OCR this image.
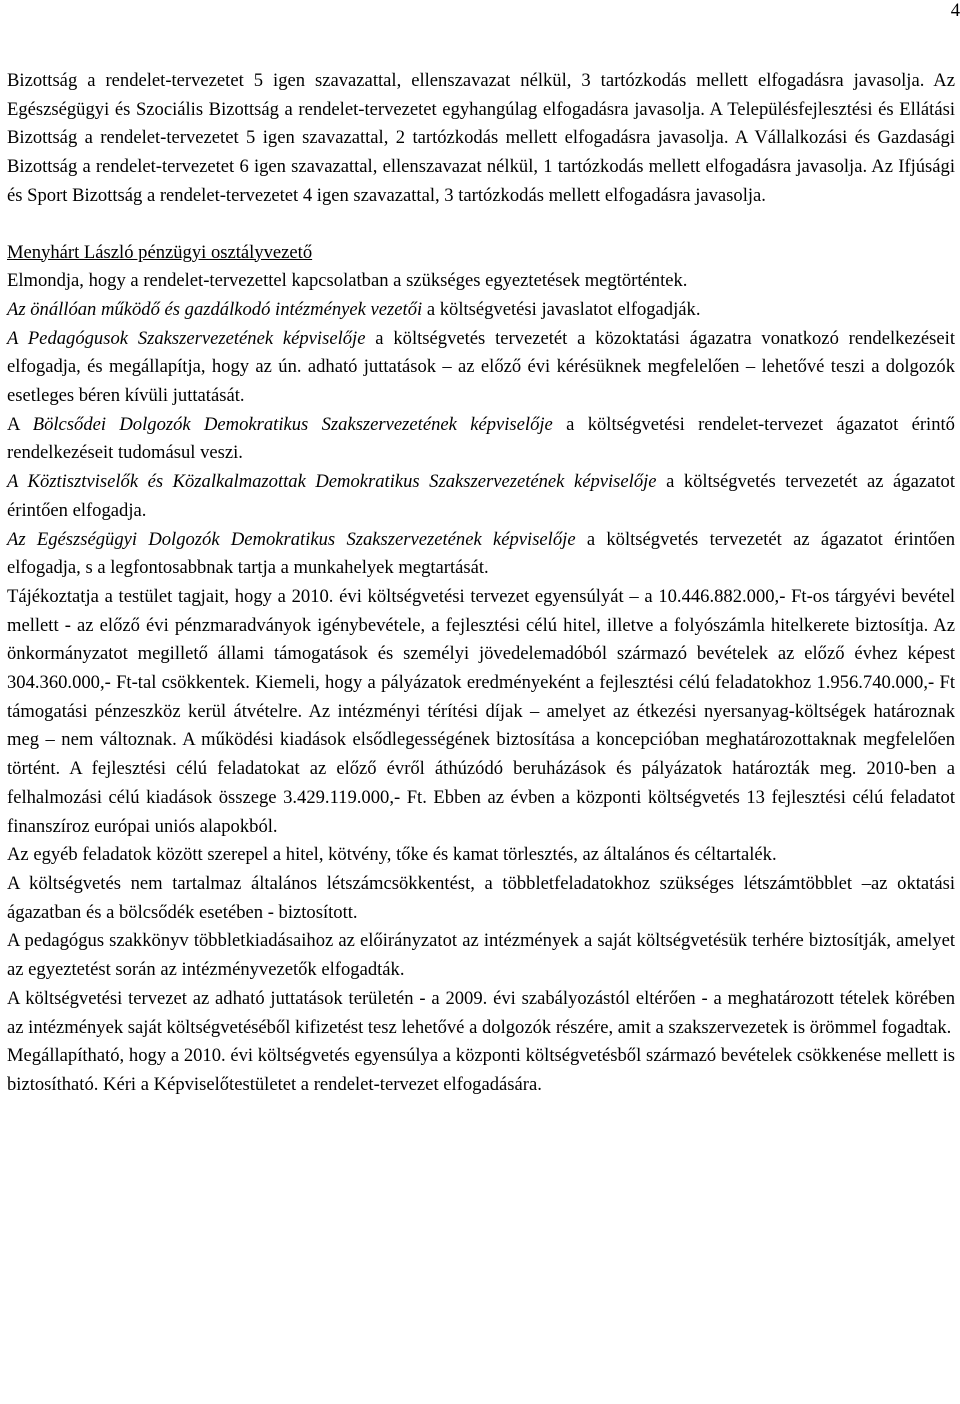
4

Bizottság a rendelet-tervezetet 5 igen szavazattal, ellenszavazat nélkül, 3 tartózkodás mellett elfogadásra javasolja. Az Egészségügyi és Szociális Bizottság a rendelet-tervezetet egyhangúlag elfogadásra javasolja. A Településfejlesztési és Ellátási Bizottság a rendelet-tervezetet 5 igen szavazattal, 2 tartózkodás mellett elfogadásra javasolja. A Vállalkozási és Gazdasági Bizottság a rendelet-tervezetet 6 igen szavazattal, ellenszavazat nélkül, 1 tartózkodás mellett elfogadásra javasolja. Az Ifjúsági és Sport Bizottság a rendelet-tervezetet 4 igen szavazattal, 3 tartózkodás mellett elfogadásra javasolja.

Menyhárt László pénzügyi osztályvezető

Elmondja, hogy a rendelet-tervezettel kapcsolatban a szükséges egyeztetések megtörténtek.

Az önállóan működő és gazdálkodó intézmények vezetői a költségvetési javaslatot elfogadják.

A Pedagógusok Szakszervezetének képviselője a költségvetés tervezetét a közoktatási ágazatra vonatkozó rendelkezéseit elfogadja, és megállapítja, hogy az ún. adható juttatások – az előző évi kérésüknek megfelelően – lehetővé teszi a dolgozók esetleges béren kívüli juttatását.

A Bölcsődei Dolgozók Demokratikus Szakszervezetének képviselője a költségvetési rendelet-tervezet ágazatot érintő rendelkezéseit tudomásul veszi.

A Köztisztviselők és Közalkalmazottak Demokratikus Szakszervezetének képviselője a költségvetés tervezetét az ágazatot érintően elfogadja.

Az Egészségügyi Dolgozók Demokratikus Szakszervezetének képviselője a költségvetés tervezetét az ágazatot érintően elfogadja, s a legfontosabbnak tartja a munkahelyek megtartását.

Tájékoztatja a testület tagjait, hogy a 2010. évi költségvetési tervezet egyensúlyát – a 10.446.882.000,- Ft-os tárgyévi bevétel mellett - az előző évi pénzmaradványok igénybevétele, a fejlesztési célú hitel, illetve a folyószámla hitelkerete biztosítja. Az önkormányzatot megillető állami támogatások és személyi jövedelemadóból származó bevételek az előző évhez képest 304.360.000,- Ft-tal csökkentek. Kiemeli, hogy a pályázatok eredményeként a fejlesztési célú feladatokhoz 1.956.740.000,- Ft támogatási pénzeszköz kerül átvételre. Az intézményi térítési díjak – amelyet az étkezési nyersanyag-költségek határoznak meg – nem változnak. A működési kiadások elsődlegességének biztosítása a koncepcióban meghatározottaknak megfelelően történt. A fejlesztési célú feladatokat az előző évről áthúzódó beruházások és pályázatok határozták meg. 2010-ben a felhalmozási célú kiadások összege 3.429.119.000,- Ft. Ebben az évben a központi költségvetés 13 fejlesztési célú feladatot finanszíroz európai uniós alapokból.

Az egyéb feladatok között szerepel a hitel, kötvény, tőke és kamat törlesztés, az általános és céltartalék.

A költségvetés nem tartalmaz általános létszámcsökkentést, a többletfeladatokhoz szükséges létszámtöbblet –az oktatási ágazatban és a bölcsődék esetében - biztosított.

A pedagógus szakkönyv többletkiadásaihoz az előirányzatot az intézmények a saját költségvetésük terhére biztosítják, amelyet az egyeztetést során az intézményvezetők elfogadták.

A költségvetési tervezet az adható juttatások területén - a 2009. évi szabályozástól eltérően - a meghatározott tételek körében az intézmények saját költségvetéséből kifizetést tesz lehetővé a dolgozók részére, amit a szakszervezetek is örömmel fogadtak.

Megállapítható, hogy a 2010. évi költségvetés egyensúlya a központi költségvetésből származó bevételek csökkenése mellett is biztosítható. Kéri a Képviselőtestületet a rendelet-tervezet elfogadására.
